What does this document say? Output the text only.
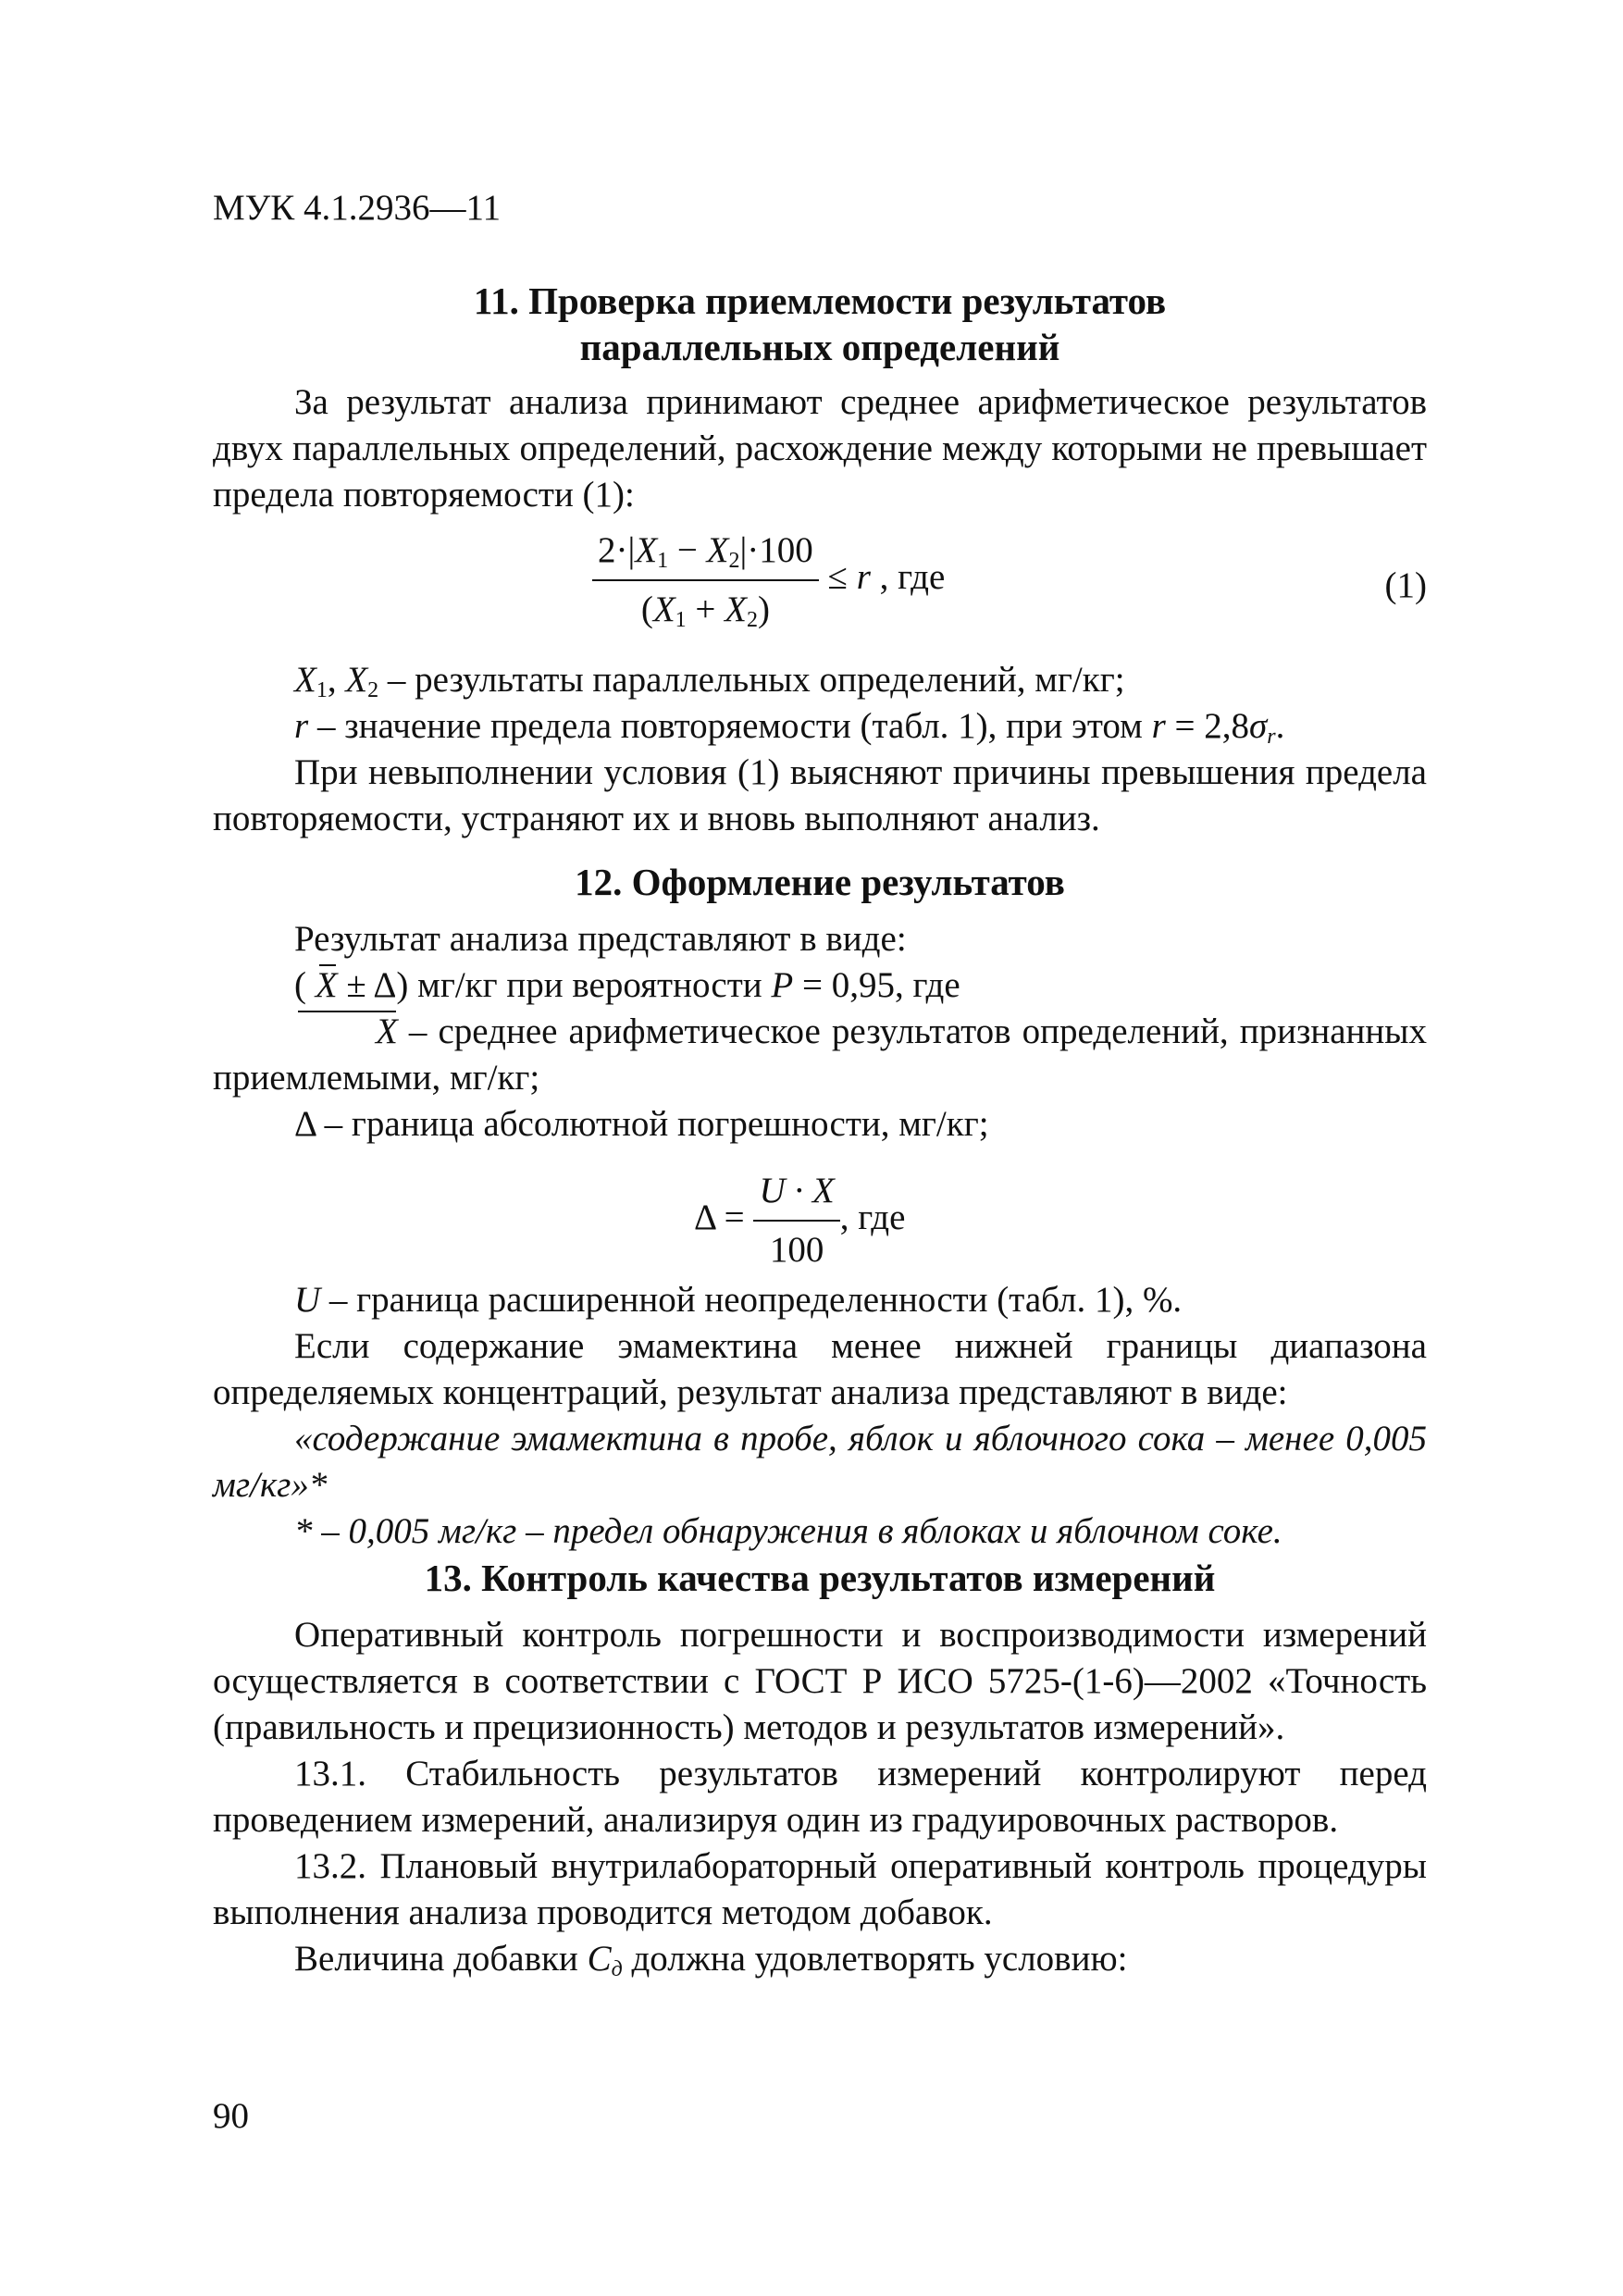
МУК 4.1.2936—11
11. Проверка приемлемости результатов
параллельных определений

За результат анализа принимают среднее арифметическое результатов двух параллельных определений, расхождение между которыми не превышает предела повторяемости (1):

$\frac{2\cdot|X_1 - X_2|\cdot 100}{(X_1 + X_2)} \le r$ , где	(1)

$X_1$, $X_2$ – результаты параллельных определений, мг/кг;

r – значение предела повторяемости (табл. 1), при этом $r = 2,8\sigma_r$.

При невыполнении условия (1) выясняют причины превышения предела повторяемости, устраняют их и вновь выполняют анализ.

12. Оформление результатов

Результат анализа представляют в виде:

( X ± Δ) мг/кг при вероятности P = 0,95, где

X – среднее арифметическое результатов определений, признанных приемлемыми, мг/кг;

Δ – граница абсолютной погрешности, мг/кг;

$\Delta = \frac{U \cdot X}{100}$ , где

U – граница расширенной неопределенности (табл. 1), %.

Если содержание эмамектина менее нижней границы диапазона определяемых концентраций, результат анализа представляют в виде:

«содержание эмамектина в пробе, яблок и яблочного сока – менее 0,005 мг/кг»*

* – 0,005 мг/кг – предел обнаружения в яблоках и яблочном соке.

13. Контроль качества результатов измерений

Оперативный контроль погрешности и воспроизводимости измерений осуществляется в соответствии с ГОСТ Р ИСО 5725-(1-6)—2002 «Точность (правильность и прецизионность) методов и результатов измерений».

13.1. Стабильность результатов измерений контролируют перед проведением измерений, анализируя один из градуировочных растворов.

13.2. Плановый внутрилабораторный оперативный контроль процедуры выполнения анализа проводится методом добавок.

Величина добавки $C_д$ должна удовлетворять условию:

90
